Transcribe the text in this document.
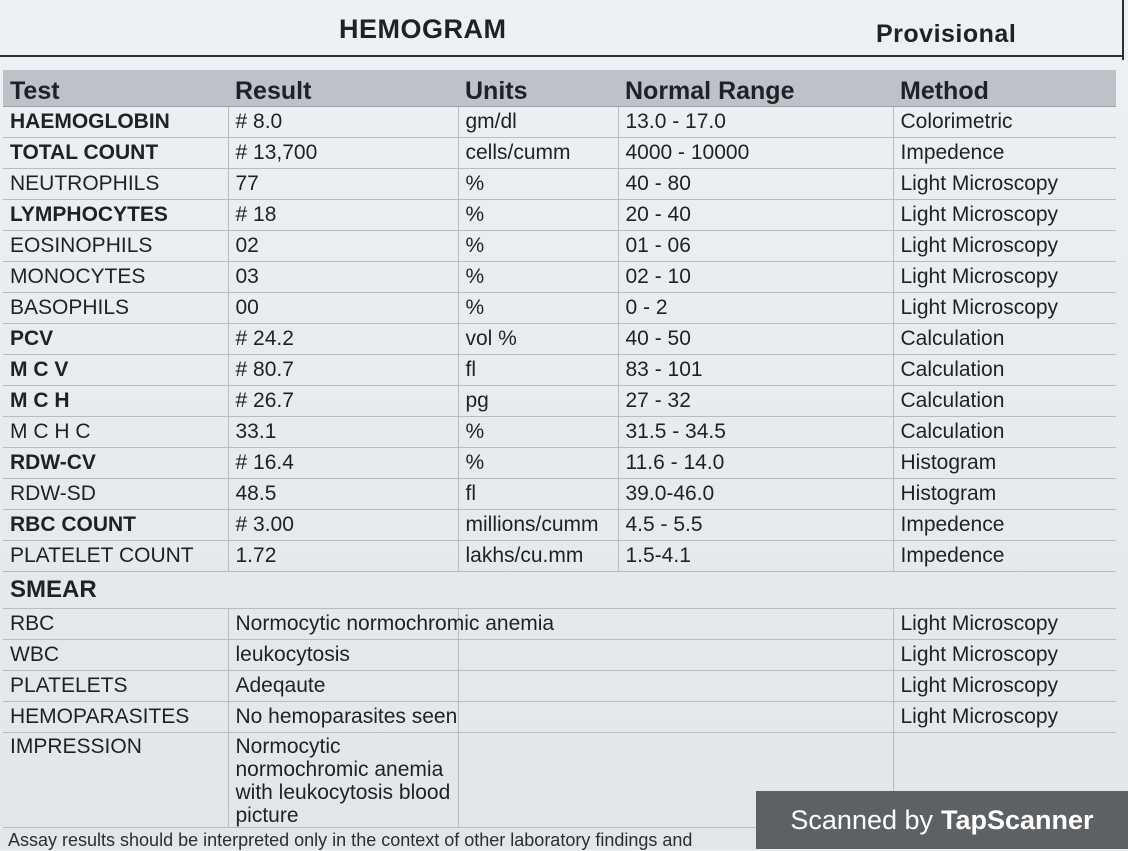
HEMOGRAM	Provisional
Test	Result	Units	Normal Range	Method
HAEMOGLOBIN	# 8.0	gm/dl	13.0 - 17.0	Colorimetric
TOTAL COUNT	# 13,700	cells/cumm	4000 - 10000	Impedence
NEUTROPHILS	77	%	40 - 80	Light Microscopy
LYMPHOCYTES	# 18	%	20 - 40	Light Microscopy
EOSINOPHILS	02	%	01 - 06	Light Microscopy
MONOCYTES	03	%	02 - 10	Light Microscopy
BASOPHILS	00	%	0 - 2	Light Microscopy
PCV	# 24.2	vol %	40 - 50	Calculation
M C V	# 80.7	fl	83 - 101	Calculation
M C H	# 26.7	pg	27 - 32	Calculation
M C H C	33.1	%	31.5 - 34.5	Calculation
RDW-CV	# 16.4	%	11.6 - 14.0	Histogram
RDW-SD	48.5	fl	39.0-46.0	Histogram
RBC COUNT	# 3.00	millions/cumm	4.5 - 5.5	Impedence
PLATELET COUNT	1.72	lakhs/cu.mm	1.5-4.1	Impedence
SMEAR				
RBC	Normocytic normochromic anemia			Light Microscopy
WBC	leukocytosis			Light Microscopy
PLATELETS	Adeqaute			Light Microscopy
HEMOPARASITES	No hemoparasites seen			Light Microscopy
IMPRESSION	Normocytic normochromic anemia
with leukocytosis blood picture			

Assay results should be interpreted only in the context of other laboratory findings and
Scanned by TapScanner
